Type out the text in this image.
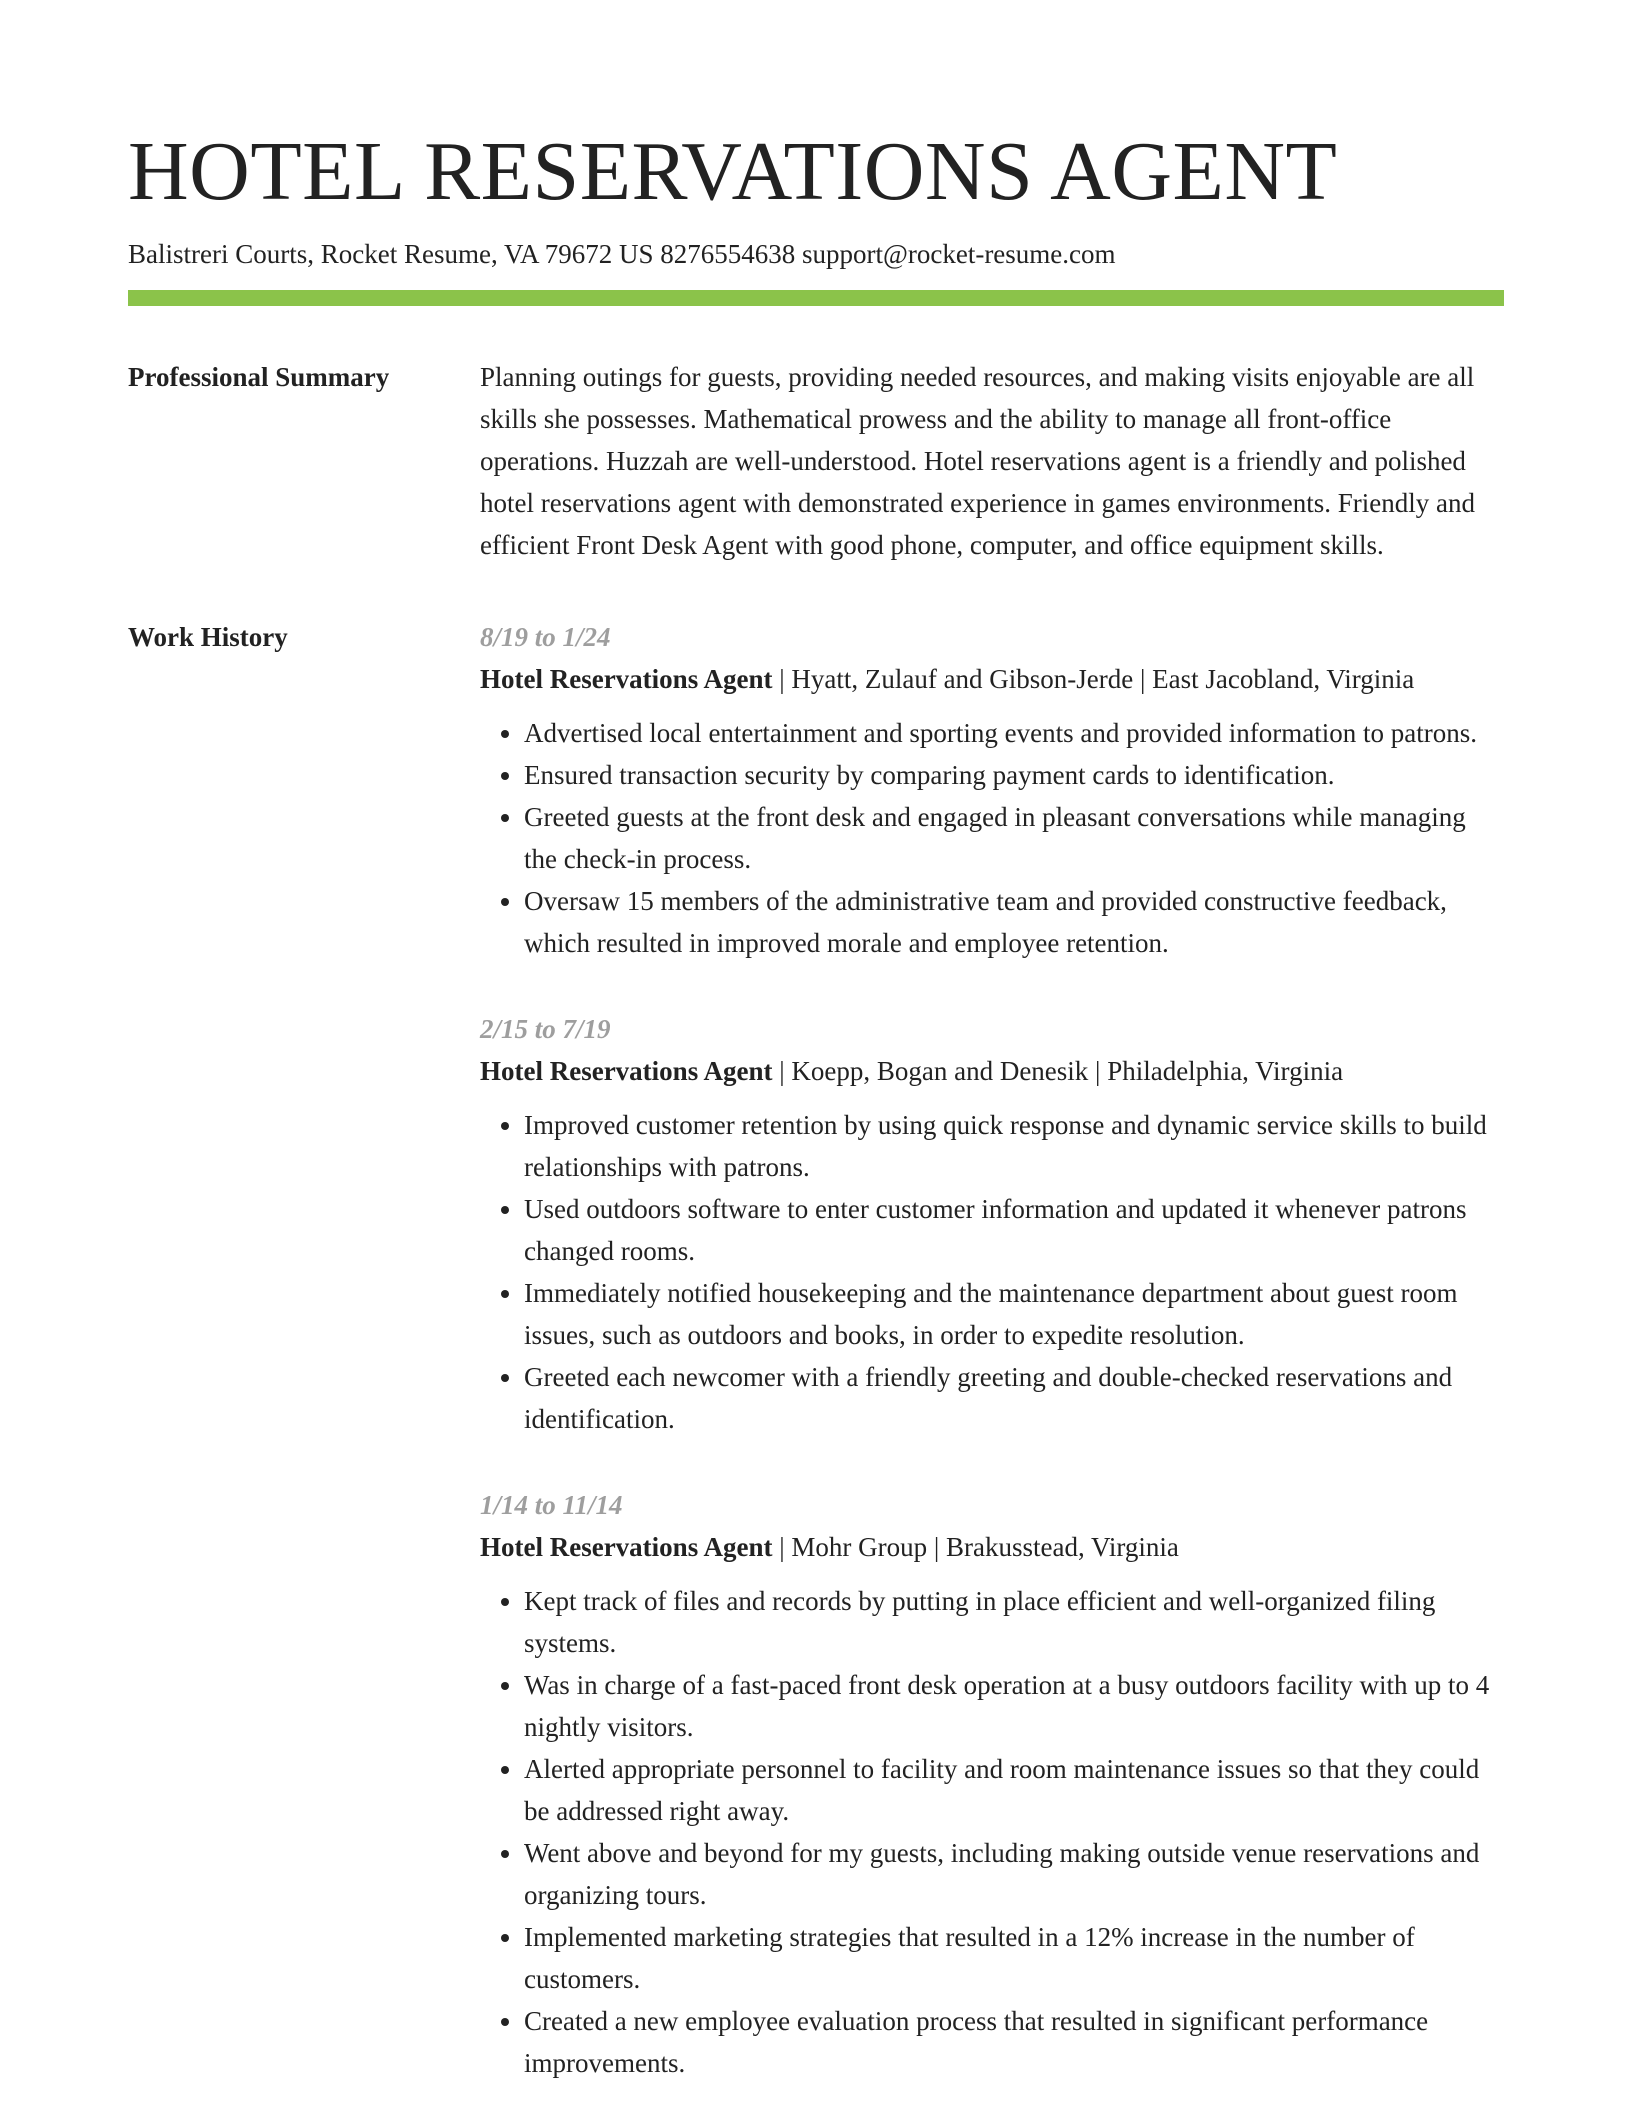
HOTEL RESERVATIONS AGENT
Balistreri Courts, Rocket Resume, VA 79672 US 8276554638 support@rocket-resume.com
Professional Summary	Planning outings for guests, providing needed resources, and making visits enjoyable are all skills she possesses. Mathematical prowess and the ability to manage all front-office operations. Huzzah are well-understood. Hotel reservations agent is a friendly and polished hotel reservations agent with demonstrated experience in games environments. Friendly and efficient Front Desk Agent with good phone, computer, and office equipment skills.

Work History	8/19 to 1/24
Hotel Reservations Agent | Hyatt, Zulauf and Gibson-Jerde | East Jacobland, Virginia
• Advertised local entertainment and sporting events and provided information to patrons.
• Ensured transaction security by comparing payment cards to identification.
• Greeted guests at the front desk and engaged in pleasant conversations while managing the check-in process.
• Oversaw 15 members of the administrative team and provided constructive feedback, which resulted in improved morale and employee retention.
2/15 to 7/19
Hotel Reservations Agent | Koepp, Bogan and Denesik | Philadelphia, Virginia
• Improved customer retention by using quick response and dynamic service skills to build relationships with patrons.
• Used outdoors software to enter customer information and updated it whenever patrons changed rooms.
• Immediately notified housekeeping and the maintenance department about guest room issues, such as outdoors and books, in order to expedite resolution.
• Greeted each newcomer with a friendly greeting and double-checked reservations and identification.
1/14 to 11/14
Hotel Reservations Agent | Mohr Group | Brakusstead, Virginia
• Kept track of files and records by putting in place efficient and well-organized filing systems.
• Was in charge of a fast-paced front desk operation at a busy outdoors facility with up to 4 nightly visitors.
• Alerted appropriate personnel to facility and room maintenance issues so that they could be addressed right away.
• Went above and beyond for my guests, including making outside venue reservations and organizing tours.
• Implemented marketing strategies that resulted in a 12% increase in the number of customers.
• Created a new employee evaluation process that resulted in significant performance improvements.
